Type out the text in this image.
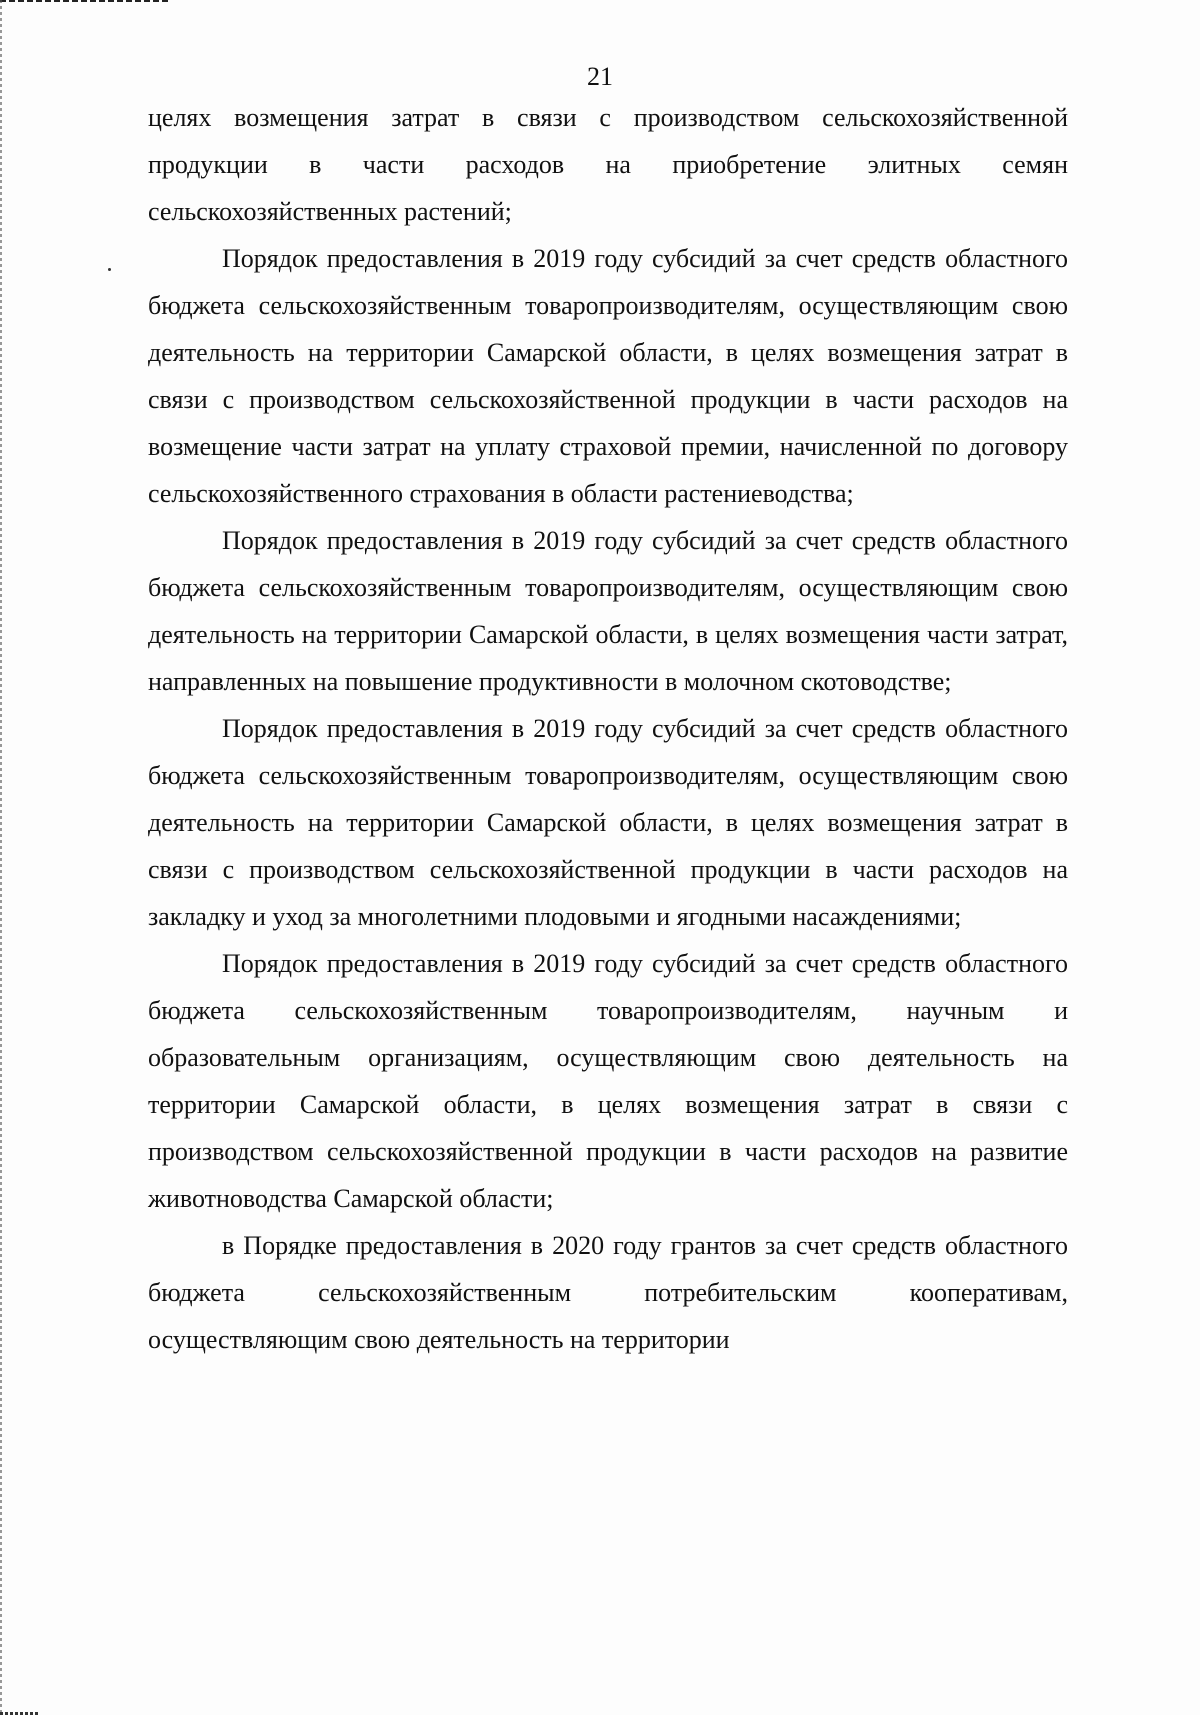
21

целях возмещения затрат в связи с производством сельскохозяйственной продукции в части расходов на приобретение элитных семян сельскохозяйственных растений;

Порядок предоставления в 2019 году субсидий за счет средств областного бюджета сельскохозяйственным товаропроизводителям, осуществляющим свою деятельность на территории Самарской области, в целях возмещения затрат в связи с производством сельскохозяйственной продукции в части расходов на возмещение части затрат на уплату страховой премии, начисленной по договору сельскохозяйственного страхования в области растениеводства;

Порядок предоставления в 2019 году субсидий за счет средств областного бюджета сельскохозяйственным товаропроизводителям, осуществляющим свою деятельность на территории Самарской области, в целях возмещения части затрат, направленных на повышение продуктивности в молочном скотоводстве;

Порядок предоставления в 2019 году субсидий за счет средств областного бюджета сельскохозяйственным товаропроизводителям, осуществляющим свою деятельность на территории Самарской области, в целях возмещения затрат в связи с производством сельскохозяйственной продукции в части расходов на закладку и уход за многолетними плодовыми и ягодными насаждениями;

Порядок предоставления в 2019 году субсидий за счет средств областного бюджета сельскохозяйственным товаропроизводителям, научным и образовательным организациям, осуществляющим свою деятельность на территории Самарской области, в целях возмещения затрат в связи с производством сельскохозяйственной продукции в части расходов на развитие животноводства Самарской области;

в Порядке предоставления в 2020 году грантов за счет средств областного бюджета сельскохозяйственным потребительским кооперативам, осуществляющим свою деятельность на территории
